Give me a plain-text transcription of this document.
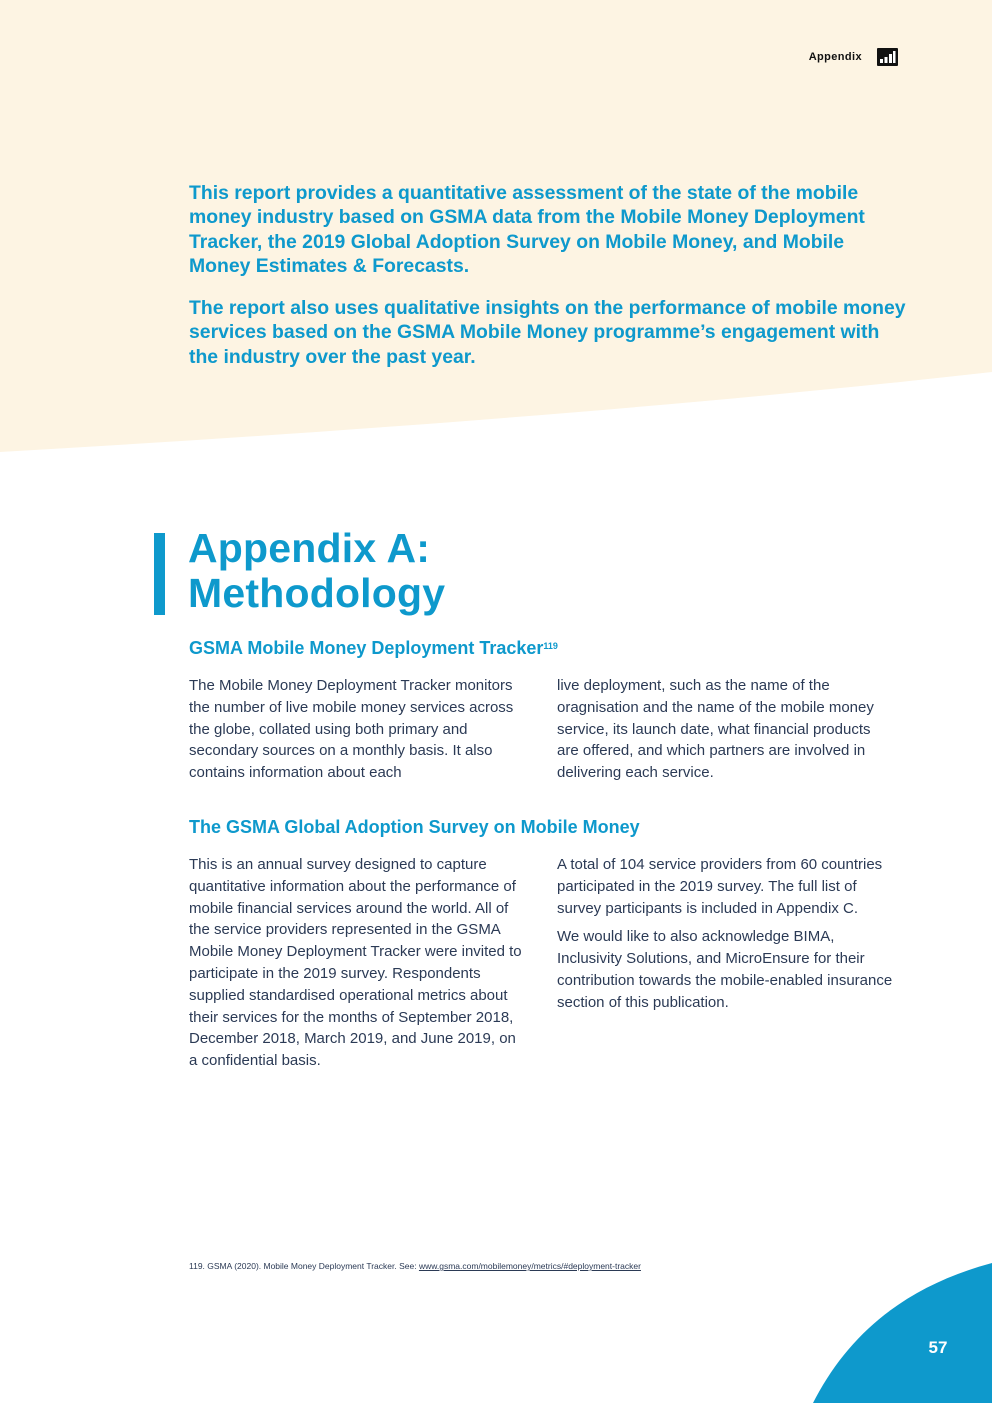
Appendix

This report provides a quantitative assessment of the state of the mobile money industry based on GSMA data from the Mobile Money Deployment Tracker, the 2019 Global Adoption Survey on Mobile Money, and Mobile Money Estimates & Forecasts.

The report also uses qualitative insights on the performance of mobile money services based on the GSMA Mobile Money programme’s engagement with the industry over the past year.

Appendix A:
Methodology
GSMA Mobile Money Deployment Tracker$^{119}$

The Mobile Money Deployment Tracker monitors the number of live mobile money services across the globe, collated using both primary and secondary sources on a monthly basis. It also contains information about each

live deployment, such as the name of the oragnisation and the name of the mobile money service, its launch date, what financial products are offered, and which partners are involved in delivering each service.

The GSMA Global Adoption Survey on Mobile Money

This is an annual survey designed to capture quantitative information about the performance of mobile financial services around the world. All of the service providers represented in the GSMA Mobile Money Deployment Tracker were invited to participate in the 2019 survey. Respondents supplied standardised operational metrics about their services for the months of September 2018, December 2018, March 2019, and June 2019, on a confidential basis.

A total of 104 service providers from 60 countries participated in the 2019 survey. The full list of survey participants is included in Appendix C.

We would like to also acknowledge BIMA, Inclusivity Solutions, and MicroEnsure for their contribution towards the mobile-enabled insurance section of this publication.

119. GSMA (2020). Mobile Money Deployment Tracker. See: www.gsma.com/mobilemoney/metrics/#deployment-tracker

57
